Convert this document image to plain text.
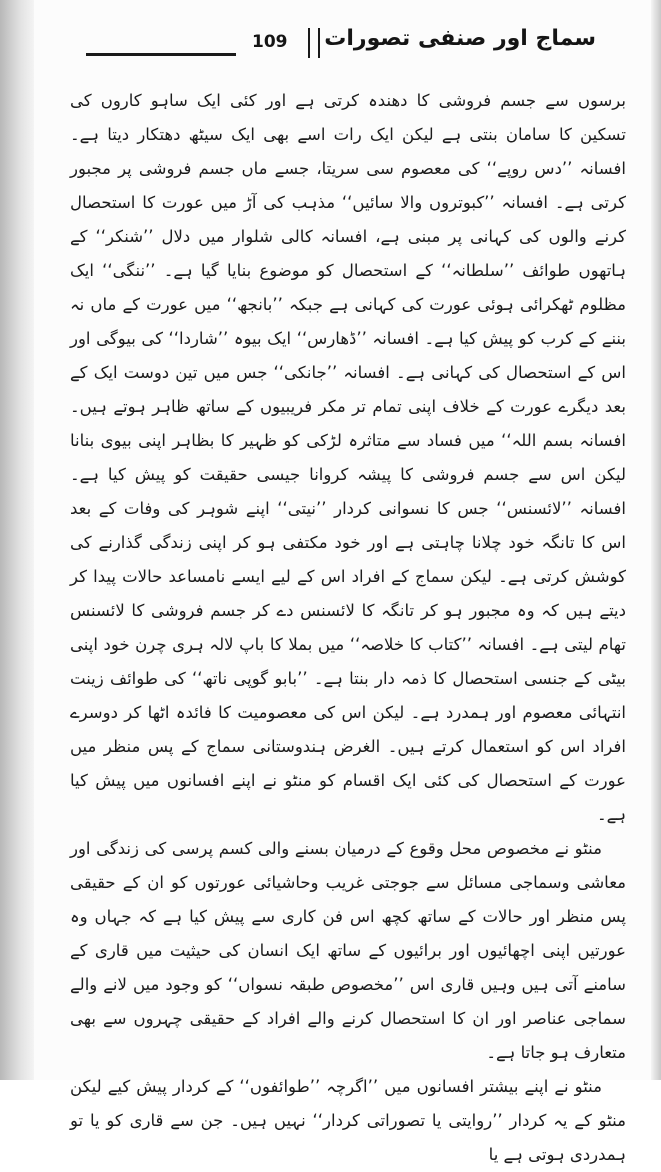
109 سماج اور صنفی تصورات

برسوں سے جسم فروشی کا دھندہ کرتی ہے اور کئی ایک ساہو کاروں کی تسکین کا سامان بنتی ہے لیکن ایک رات اسے بھی ایک سیٹھ دھتکار دیتا ہے۔ افسانہ ’’دس روپے‘‘ کی معصوم سی سریتا، جسے ماں جسم فروشی پر مجبور کرتی ہے۔ افسانہ ’’کبوتروں والا سائیں‘‘ مذہب کی آڑ میں عورت کا استحصال کرنے والوں کی کہانی پر مبنی ہے، افسانہ کالی شلوار میں دلال ’’شنکر‘‘ کے ہاتھوں طوائف ’’سلطانہ‘‘ کے استحصال کو موضوع بنایا گیا ہے۔ ’’ننگی‘‘ ایک مظلوم ٹھکرائی ہوئی عورت کی کہانی ہے جبکہ ’’بانجھ‘‘ میں عورت کے ماں نہ بننے کے کرب کو پیش کیا ہے۔ افسانہ ’’ڈھارس‘‘ ایک بیوہ ’’شاردا‘‘ کی بیوگی اور اس کے استحصال کی کہانی ہے۔ افسانہ ’’جانکی‘‘ جس میں تین دوست ایک کے بعد دیگرے عورت کے خلاف اپنی تمام تر مکر فریبیوں کے ساتھ ظاہر ہوتے ہیں۔ افسانہ بسم اللہ‘‘ میں فساد سے متاثرہ لڑکی کو ظہیر کا بظاہر اپنی بیوی بنانا لیکن اس سے جسم فروشی کا پیشہ کروانا جیسی حقیقت کو پیش کیا ہے۔ افسانہ ’’لائسنس‘‘ جس کا نسوانی کردار ’’نیتی‘‘ اپنے شوہر کی وفات کے بعد اس کا تانگہ خود چلانا چاہتی ہے اور خود مکتفی ہو کر اپنی زندگی گذارنے کی کوشش کرتی ہے۔ لیکن سماج کے افراد اس کے لیے ایسے نامساعد حالات پیدا کر دیتے ہیں کہ وہ مجبور ہو کر تانگہ کا لائسنس دے کر جسم فروشی کا لائسنس تھام لیتی ہے۔ افسانہ ’’کتاب کا خلاصہ‘‘ میں بملا کا باپ لالہ ہری چرن خود اپنی بیٹی کے جنسی استحصال کا ذمہ دار بنتا ہے۔ ’’بابو گوپی ناتھ‘‘ کی طوائف زینت انتہائی معصوم اور ہمدرد ہے۔ لیکن اس کی معصومیت کا فائدہ اٹھا کر دوسرے افراد اس کو استعمال کرتے ہیں۔ الغرض ہندوستانی سماج کے پس منظر میں عورت کے استحصال کی کئی ایک اقسام کو منٹو نے اپنے افسانوں میں پیش کیا ہے۔

منٹو نے مخصوص محل وقوع کے درمیان بسنے والی کسم پرسی کی زندگی اور معاشی وسماجی مسائل سے جوجتی غریب وحاشیائی عورتوں کو ان کے حقیقی پس منظر اور حالات کے ساتھ کچھ اس فن کاری سے پیش کیا ہے کہ جہاں وہ عورتیں اپنی اچھائیوں اور برائیوں کے ساتھ ایک انسان کی حیثیت میں قاری کے سامنے آتی ہیں وہیں قاری اس ’’مخصوص طبقہ نسواں‘‘ کو وجود میں لانے والے سماجی عناصر اور ان کا استحصال کرنے والے افراد کے حقیقی چہروں سے بھی متعارف ہو جاتا ہے۔

منٹو نے اپنے بیشتر افسانوں میں ’’اگرچہ ’’طوائفوں‘‘ کے کردار پیش کیے لیکن منٹو کے یہ کردار ’’روایتی یا تصوراتی کردار‘‘ نہیں ہیں۔ جن سے قاری کو یا تو ہمدردی ہوتی ہے یا
